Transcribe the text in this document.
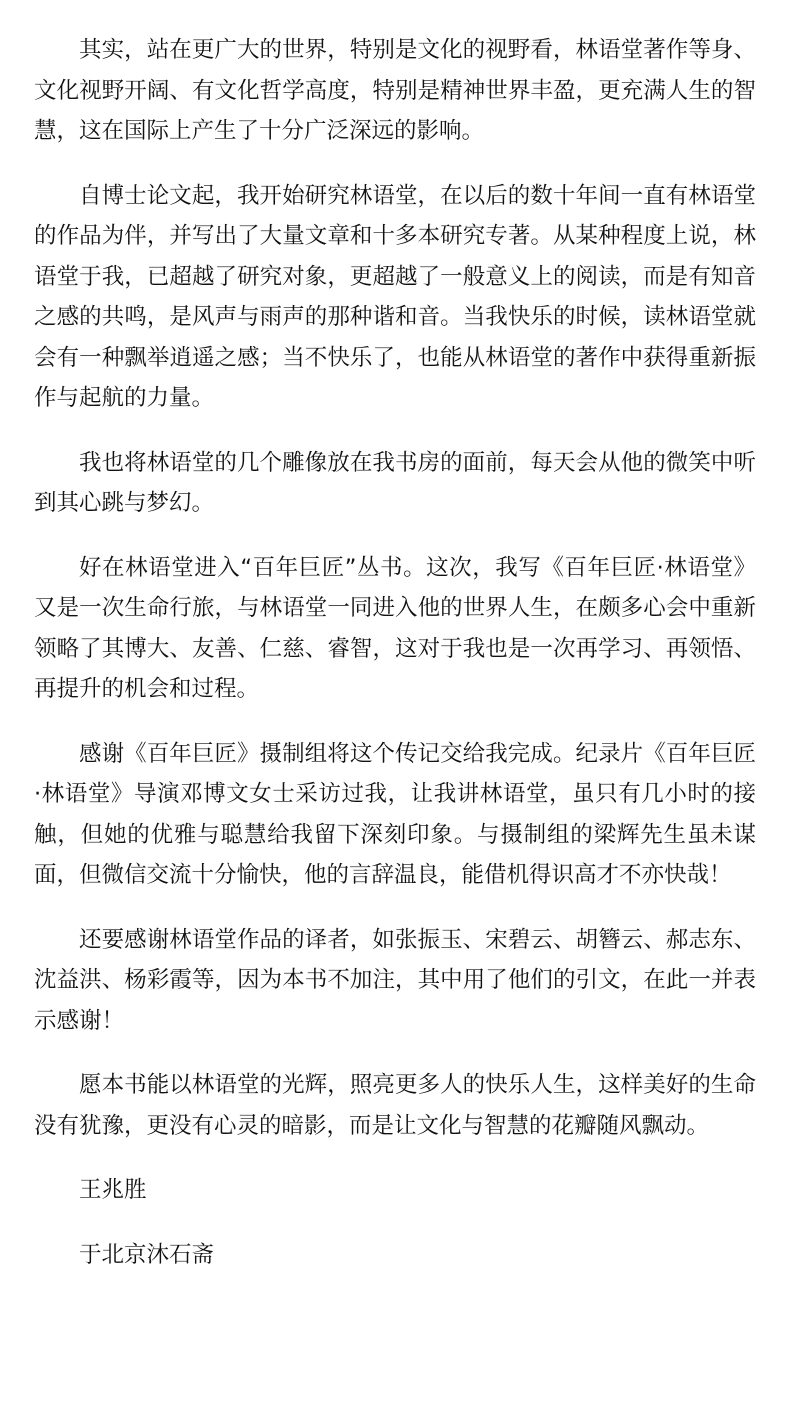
其实，站在更广大的世界，特别是文化的视野看，林语堂著作等身、文化视野开阔、有文化哲学高度，特别是精神世界丰盈，更充满人生的智慧，这在国际上产生了十分广泛深远的影响。

自博士论文起，我开始研究林语堂，在以后的数十年间一直有林语堂的作品为伴，并写出了大量文章和十多本研究专著。从某种程度上说，林语堂于我，已超越了研究对象，更超越了一般意义上的阅读，而是有知音之感的共鸣，是风声与雨声的那种谐和音。当我快乐的时候，读林语堂就会有一种飘举逍遥之感；当不快乐了，也能从林语堂的著作中获得重新振作与起航的力量。

我也将林语堂的几个雕像放在我书房的面前，每天会从他的微笑中听到其心跳与梦幻。

好在林语堂进入“百年巨匠”丛书。这次，我写《百年巨匠·林语堂》又是一次生命行旅，与林语堂一同进入他的世界人生，在颇多心会中重新领略了其博大、友善、仁慈、睿智，这对于我也是一次再学习、再领悟、再提升的机会和过程。

感谢《百年巨匠》摄制组将这个传记交给我完成。纪录片《百年巨匠·林语堂》导演邓博文女士采访过我，让我讲林语堂，虽只有几小时的接触，但她的优雅与聪慧给我留下深刻印象。与摄制组的梁辉先生虽未谋面，但微信交流十分愉快，他的言辞温良，能借机得识高才不亦快哉！

还要感谢林语堂作品的译者，如张振玉、宋碧云、胡簪云、郝志东、沈益洪、杨彩霞等，因为本书不加注，其中用了他们的引文，在此一并表示感谢！

愿本书能以林语堂的光辉，照亮更多人的快乐人生，这样美好的生命没有犹豫，更没有心灵的暗影，而是让文化与智慧的花瓣随风飘动。

王兆胜

于北京沐石斋
